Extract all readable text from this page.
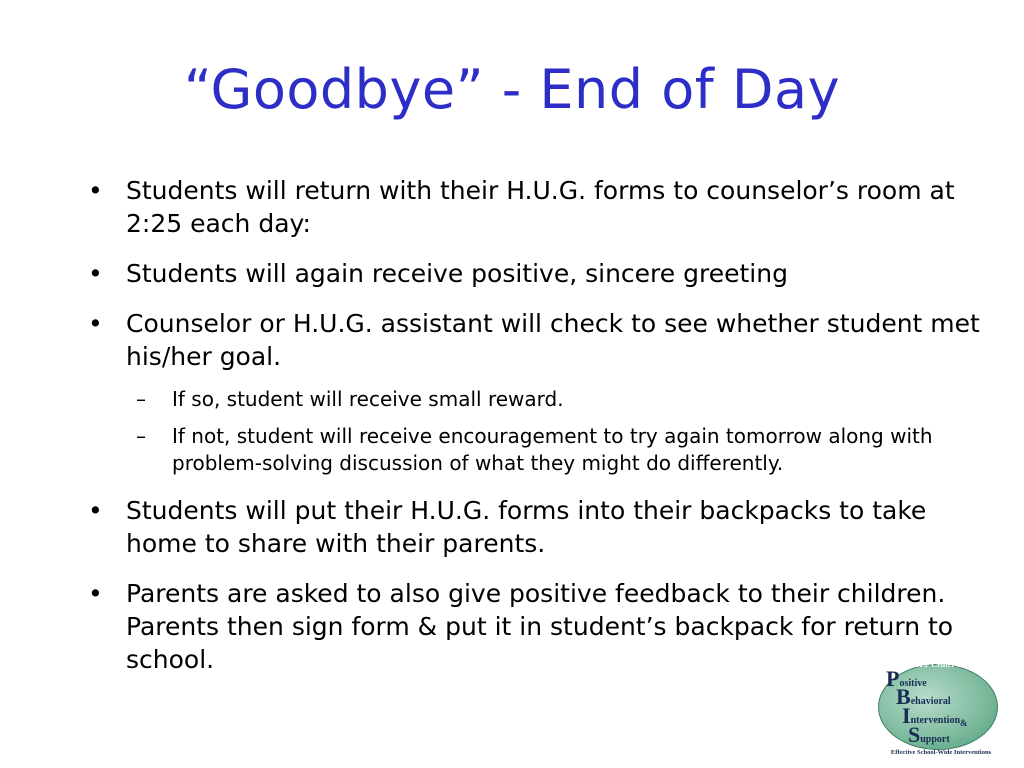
“Goodbye” - End of Day
• Students will return with their H.U.G. forms to counselor’s room at 2:25 each day:
• Students will again receive positive, sincere greeting
• Counselor or H.U.G. assistant will check to see whether student met his/her goal.
– If so, student will receive small reward.
– If not, student will receive encouragement to try again tomorrow along with problem-solving discussion of what they might do differently.
• Students will put their H.U.G. forms into their backpacks to take home to share with their parents.
• Parents are asked to also give positive feedback to their children. Parents then sign form & put it in student’s backpack for return to school.	OSEP Center on
Positive
Behavioral
Intervention &
Support
Effective School-Wide Interventions
